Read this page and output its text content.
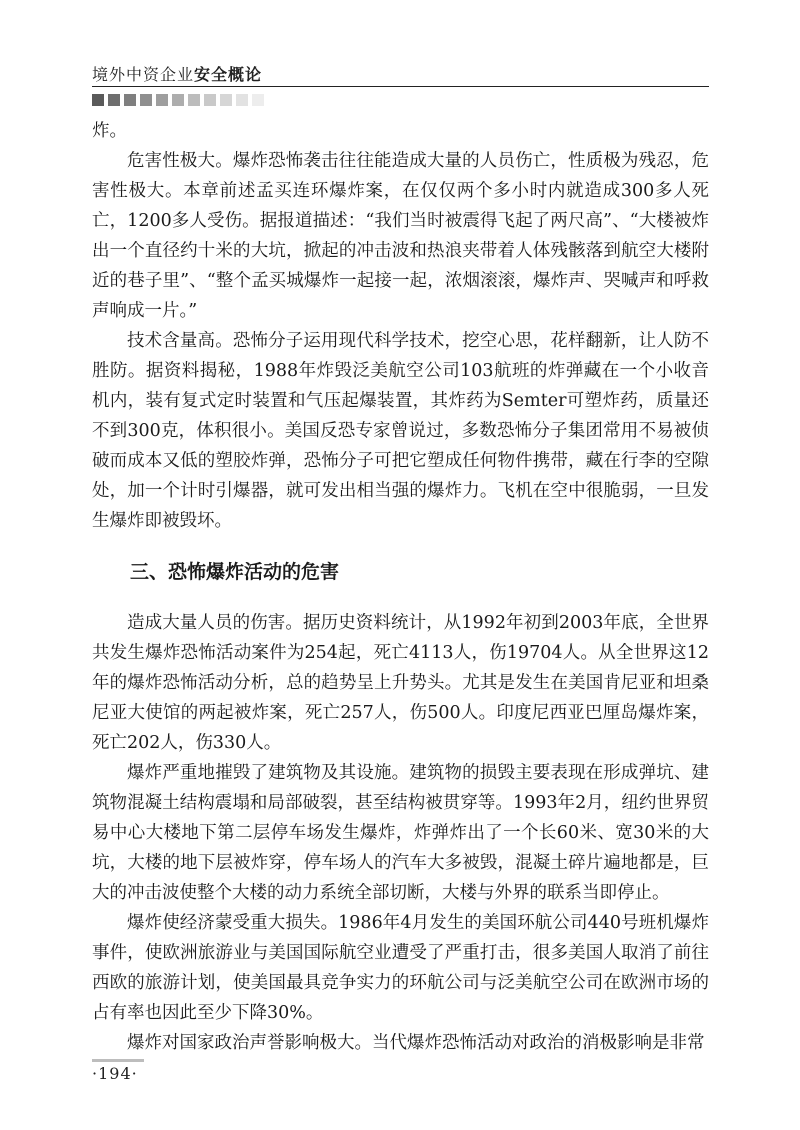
境外中资企业安全概论

炸。

危害性极大。爆炸恐怖袭击往往能造成大量的人员伤亡，性质极为残忍，危害性极大。本章前述孟买连环爆炸案，在仅仅两个多小时内就造成300多人死亡，1200多人受伤。据报道描述：“我们当时被震得飞起了两尺高”、“大楼被炸出一个直径约十米的大坑，掀起的冲击波和热浪夹带着人体残骸落到航空大楼附近的巷子里”、“整个孟买城爆炸一起接一起，浓烟滚滚，爆炸声、哭喊声和呼救声响成一片。”

技术含量高。恐怖分子运用现代科学技术，挖空心思，花样翻新，让人防不胜防。据资料揭秘，1988年炸毁泛美航空公司103航班的炸弹藏在一个小收音机内，装有复式定时装置和气压起爆装置，其炸药为Semter可塑炸药，质量还不到300克，体积很小。美国反恐专家曾说过，多数恐怖分子集团常用不易被侦破而成本又低的塑胶炸弹，恐怖分子可把它塑成任何物件携带，藏在行李的空隙处，加一个计时引爆器，就可发出相当强的爆炸力。飞机在空中很脆弱，一旦发生爆炸即被毁坏。

三、恐怖爆炸活动的危害

造成大量人员的伤害。据历史资料统计，从1992年初到2003年底，全世界共发生爆炸恐怖活动案件为254起，死亡4113人，伤19704人。从全世界这12年的爆炸恐怖活动分析，总的趋势呈上升势头。尤其是发生在美国肯尼亚和坦桑尼亚大使馆的两起被炸案，死亡257人，伤500人。印度尼西亚巴厘岛爆炸案，死亡202人，伤330人。

爆炸严重地摧毁了建筑物及其设施。建筑物的损毁主要表现在形成弹坑、建筑物混凝土结构震塌和局部破裂，甚至结构被贯穿等。1993年2月，纽约世界贸易中心大楼地下第二层停车场发生爆炸，炸弹炸出了一个长60米、宽30米的大坑，大楼的地下层被炸穿，停车场人的汽车大多被毁，混凝土碎片遍地都是，巨大的冲击波使整个大楼的动力系统全部切断，大楼与外界的联系当即停止。

爆炸使经济蒙受重大损失。1986年4月发生的美国环航公司440号班机爆炸事件，使欧洲旅游业与美国国际航空业遭受了严重打击，很多美国人取消了前往西欧的旅游计划，使美国最具竞争实力的环航公司与泛美航空公司在欧洲市场的占有率也因此至少下降30%。

爆炸对国家政治声誉影响极大。当代爆炸恐怖活动对政治的消极影响是非常

·194·
